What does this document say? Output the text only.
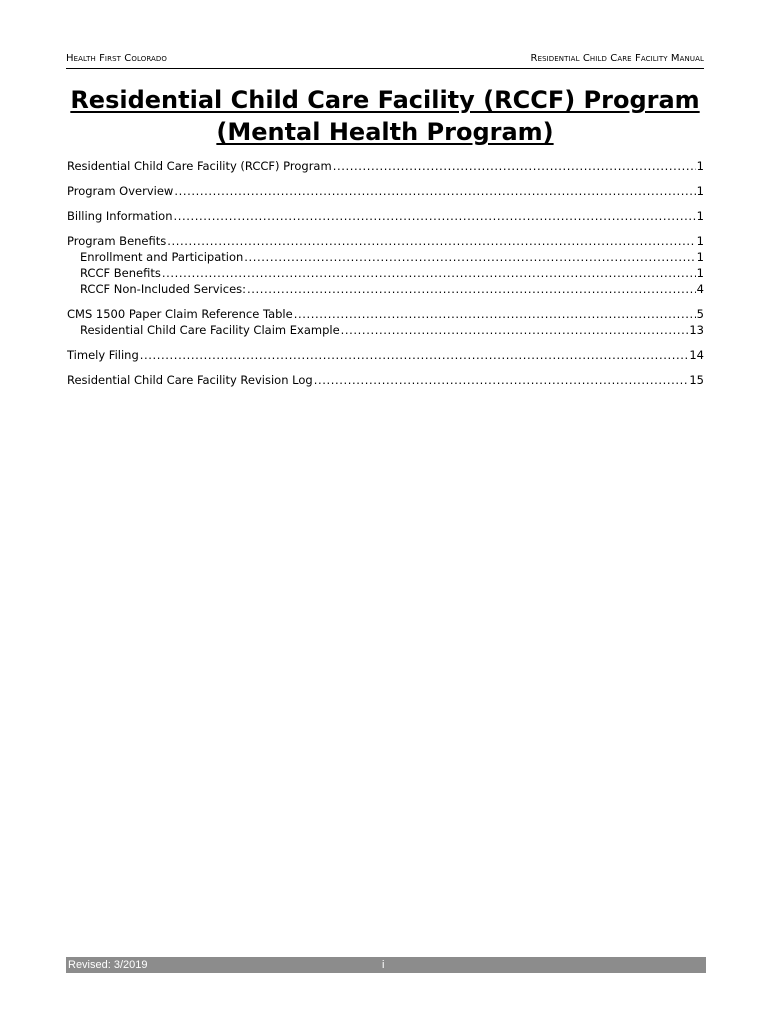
Health First Colorado	Residential Child Care Facility Manual
Residential Child Care Facility (RCCF) Program
(Mental Health Program)
Residential Child Care Facility (RCCF) Program .....	1
Program Overview .....	1
Billing Information .....	1
Program Benefits .....	1
Enrollment and Participation .....	1
RCCF Benefits .....	1
RCCF Non-Included Services: .....	4
CMS 1500 Paper Claim Reference Table .....	5
Residential Child Care Facility Claim Example .....	13
Timely Filing .....	14
Residential Child Care Facility Revision Log .....	15
Revised: 3/2019	i
